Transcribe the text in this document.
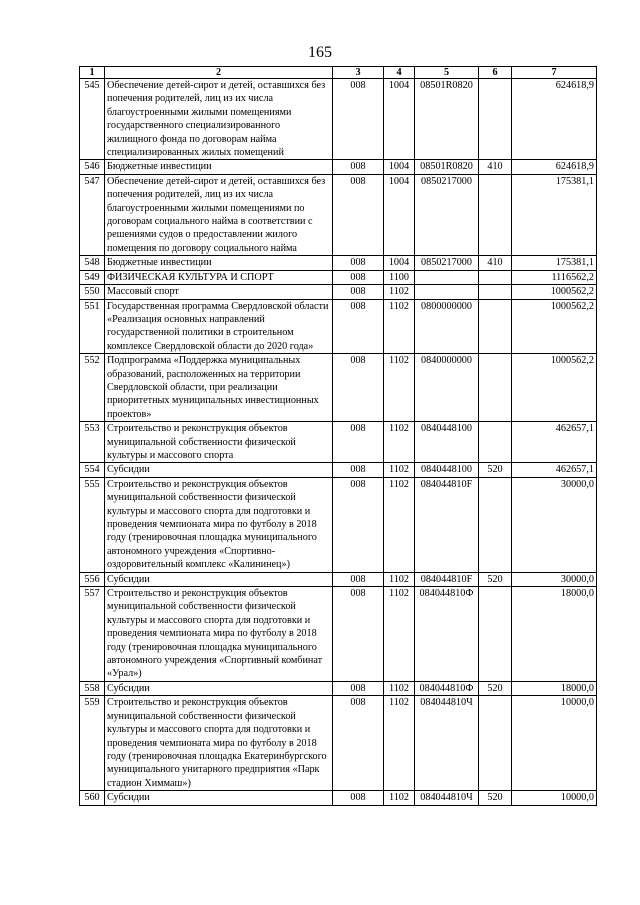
165
1	2	3	4	5	6	7
545	Обеспечение детей-сирот и детей, оставшихся без попечения родителей, лиц из их числа благоустроенными жилыми помещениями государственного специализированного жилищного фонда по договорам найма специализированных жилых помещений	008	1004	08501R0820		624618,9
546	Бюджетные инвестиции	008	1004	08501R0820	410	624618,9
547	Обеспечение детей-сирот и детей, оставшихся без попечения родителей, лиц из их числа благоустроенными жилыми помещениями по договорам социального найма в соответствии с решениями судов о предоставлении жилого помещения по договору социального найма	008	1004	0850217000		175381,1
548	Бюджетные инвестиции	008	1004	0850217000	410	175381,1
549	ФИЗИЧЕСКАЯ КУЛЬТУРА И СПОРТ	008	1100			1116562,2
550	Массовый спорт	008	1102			1000562,2
551	Государственная программа Свердловской области «Реализация основных направлений государственной политики в строительном комплексе Свердловской области до 2020 года»	008	1102	0800000000		1000562,2
552	Подпрограмма «Поддержка муниципальных образований, расположенных на территории Свердловской области, при реализации приоритетных муниципальных инвестиционных проектов»	008	1102	0840000000		1000562,2
553	Строительство и реконструкция объектов муниципальной собственности физической культуры и массового спорта	008	1102	0840448100		462657,1
554	Субсидии	008	1102	0840448100	520	462657,1
555	Строительство и реконструкция объектов муниципальной собственности физической культуры и массового спорта для подготовки и проведения чемпионата мира по футболу в 2018 году (тренировочная площадка муниципального автономного учреждения «Спортивно-оздоровительный комплекс «Калининец»)	008	1102	084044810F		30000,0
556	Субсидии	008	1102	084044810F	520	30000,0
557	Строительство и реконструкция объектов муниципальной собственности физической культуры и массового спорта для подготовки и проведения чемпионата мира по футболу в 2018 году (тренировочная площадка муниципального автономного учреждения «Спортивный комбинат «Урал»)	008	1102	084044810Ф		18000,0
558	Субсидии	008	1102	084044810Ф	520	18000,0
559	Строительство и реконструкция объектов муниципальной собственности физической культуры и массового спорта для подготовки и проведения чемпионата мира по футболу в 2018 году (тренировочная площадка Екатеринбургского муниципального унитарного предприятия «Парк стадион Химмаш»)	008	1102	084044810Ч		10000,0
560	Субсидии	008	1102	084044810Ч	520	10000,0
